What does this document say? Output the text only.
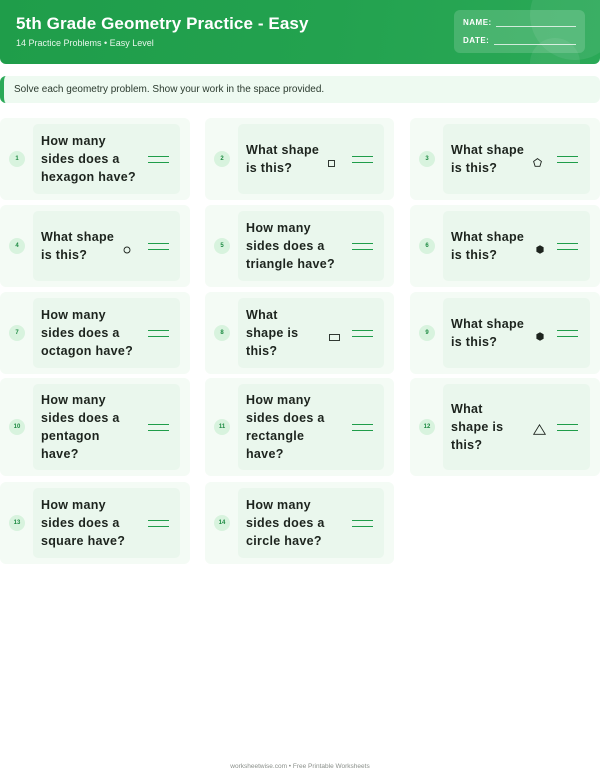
5th Grade Geometry Practice - Easy
14 Practice Problems • Easy Level
NAME:
DATE:
Solve each geometry problem. Show your work in the space provided.
1
How many
sides does a
hexagon have?
2
What shape
is this?
3
What shape
is this?
4
What shape
is this?
5
How many
sides does a
triangle have?
6
What shape
is this?
7
How many
sides does a
octagon have?
8
What
shape is
this?
9
What shape
is this?
10
How many
sides does a
pentagon
have?
11
How many
sides does a
rectangle
have?
12
What
shape is
this?
13
How many
sides does a
square have?
14
How many
sides does a
circle have?
worksheetwise.com • Free Printable Worksheets
